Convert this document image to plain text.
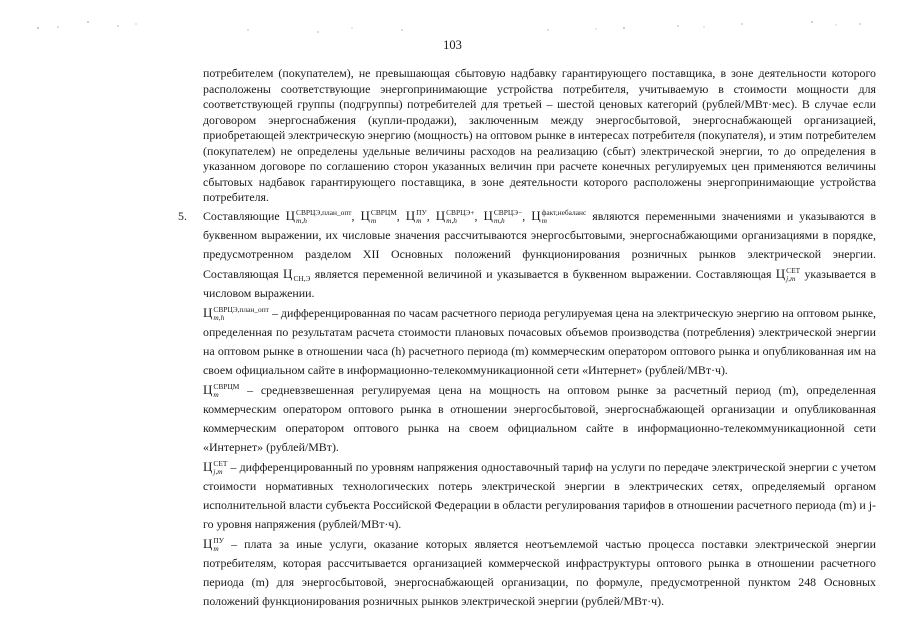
103

потребителем (покупателем), не превышающая сбытовую надбавку гарантирующего поставщика, в зоне деятельности которого расположены соответствующие энергопринимающие устройства потребителя, учитываемую в стоимости мощности для соответствующей группы (подгруппы) потребителей для третьей – шестой ценовых категорий (рублей/МВт·мес). В случае если договором энергоснабжения (купли-продажи), заключенным между энергосбытовой, энергоснабжающей организацией, приобретающей электрическую энергию (мощность) на оптовом рынке в интересах потребителя (покупателя), и этим потребителем (покупателем) не определены удельные величины расходов на реализацию (сбыт) электрической энергии, то до определения в указанном договоре по соглашению сторон указанных величин при расчете конечных регулируемых цен применяются величины сбытовых надбавок гарантирующего поставщика, в зоне деятельности которого расположены энергопринимающие устройства потребителя.

5. Составляющие Ц СВРЦЭ,план_опт
m,h	, Ц СВРЦМ
m	, Ц ПУ
m , Ц СВРЦЭ+
m,h	, Ц СВРЦЭ−
m,h	, Ц факт,небаланс
m	являются переменными значениями и указываются в буквенном выражении, их числовые значения рассчитываются энергосбытовыми, энергоснабжающими организациями в порядке, предусмотренном разделом XII Основных положений функционирования розничных рынков электрической энергии. Составляющая Ц СН,Э является переменной величиной и указывается в буквенном выражении. Составляющая Ц СЕТ
j,m указывается в числовом выражении.

Ц СВРЦЭ,план_опт
m,h	– дифференцированная по часам расчетного периода регулируемая цена на электрическую энергию на оптовом рынке, определенная по результатам расчета стоимости плановых почасовых объемов производства (потребления) электрической энергии на оптовом рынке в отношении часа (h) расчетного периода (m) коммерческим оператором оптового рынка и опубликованная им на своем официальном сайте в информационно-телекоммуникационной сети «Интернет» (рублей/МВт·ч).

Ц СВРЦМ
m	– средневзвешенная регулируемая цена на мощность на оптовом рынке за расчетный период (m), определенная коммерческим оператором оптового рынка в отношении энергосбытовой, энергоснабжающей организации и опубликованная коммерческим оператором оптового рынка на своем официальном сайте в информационно-телекоммуникационной сети «Интернет» (рублей/МВт).

Ц СЕТ
j,m – дифференцированный по уровням напряжения одноставочный тариф на услуги по передаче электрической энергии с учетом стоимости нормативных технологических потерь электрической энергии в электрических сетях, определяемый органом исполнительной власти субъекта Российской Федерации в области регулирования тарифов в отношении расчетного периода (m) и j-го уровня напряжения (рублей/МВт·ч).

Ц ПУ
m	– плата за иные услуги, оказание которых является неотъемлемой частью процесса поставки электрической энергии потребителям, которая рассчитывается организацией коммерческой инфраструктуры оптового рынка в отношении расчетного периода (m) для энергосбытовой, энергоснабжающей организации, по формуле, предусмотренной пунктом 248 Основных положений функционирования розничных рынков электрической энергии (рублей/МВт·ч).
